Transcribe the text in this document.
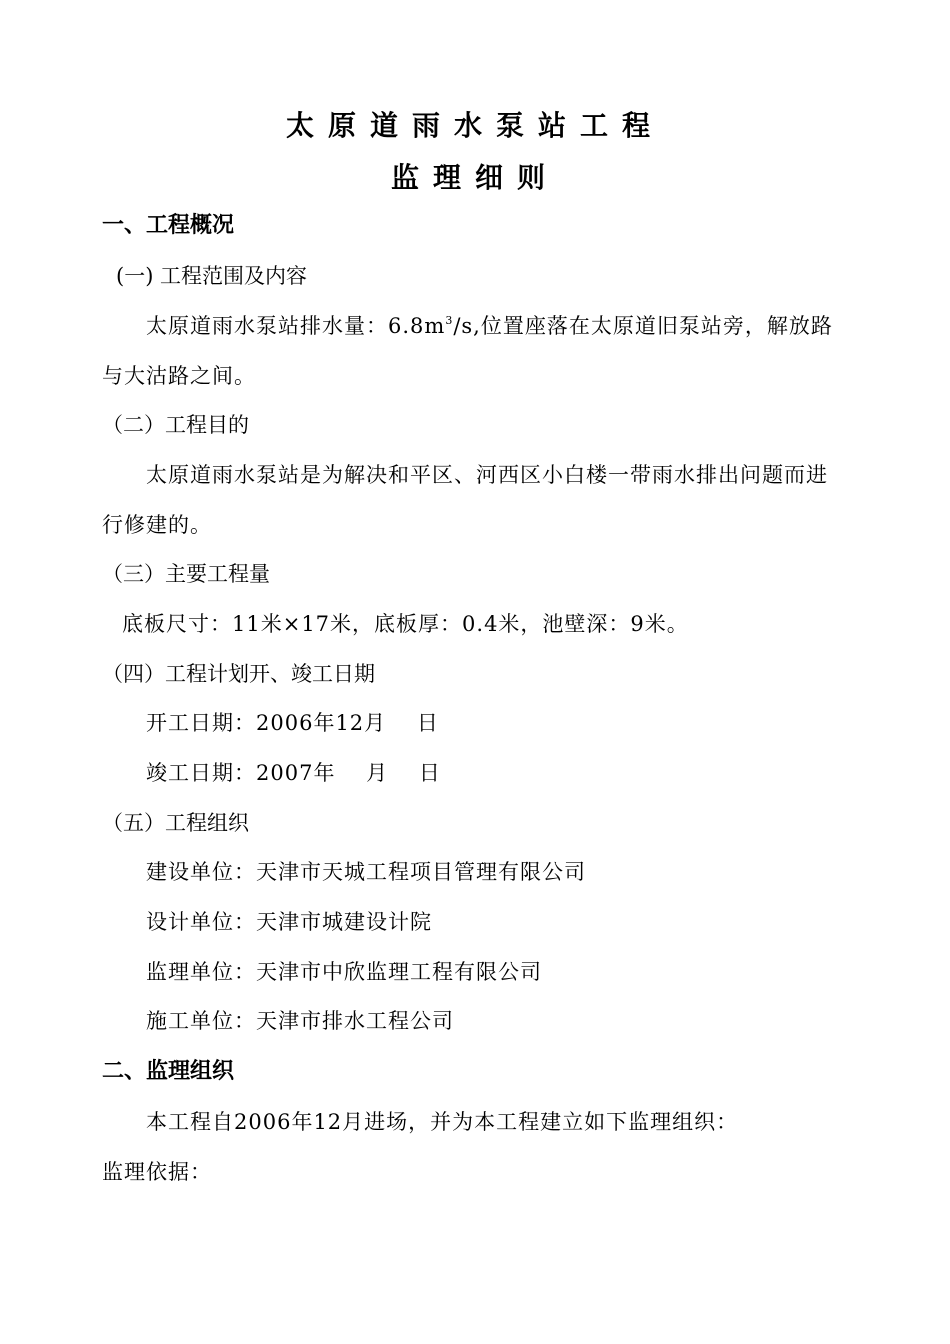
太原道雨水泵站工程
监理细则
一、工程概况
(一) 工程范围及内容
太原道雨水泵站排水量：$6.8m^3/s$,位置座落在太原道旧泵站旁，解放路
与大沽路之间。
（二）工程目的
太原道雨水泵站是为解决和平区、河西区小白楼一带雨水排出问题而进
行修建的。
（三）主要工程量
底板尺寸：11米×17米，底板厚：0.4米，池壁深：9米。
（四）工程计划开、竣工日期
开工日期：2006年12月    日
竣工日期：2007年    月    日
（五）工程组织
建设单位：天津市天城工程项目管理有限公司
设计单位：天津市城建设计院
监理单位：天津市中欣监理工程有限公司
施工单位：天津市排水工程公司
二、监理组织
本工程自2006年12月进场，并为本工程建立如下监理组织：
监理依据：
